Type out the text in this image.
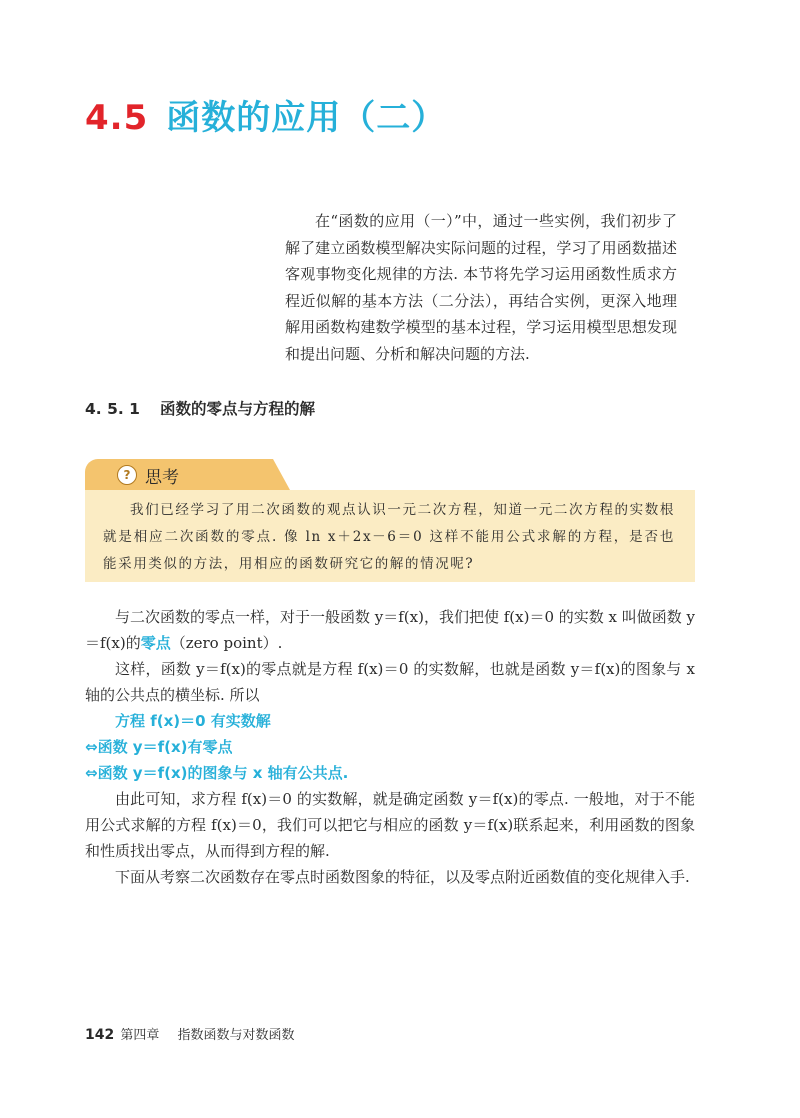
4.5 函数的应用（二）

在“函数的应用（一）”中，通过一些实例，我们初步了解了建立函数模型解决实际问题的过程，学习了用函数描述客观事物变化规律的方法. 本节将先学习运用函数性质求方程近似解的基本方法（二分法），再结合实例，更深入地理解用函数构建数学模型的基本过程，学习运用模型思想发现和提出问题、分析和解决问题的方法.

4. 5. 1 函数的零点与方程的解
? 思考

我们已经学习了用二次函数的观点认识一元二次方程，知道一元二次方程的实数根就是相应二次函数的零点. 像 ln x＋2x－6＝0 这样不能用公式求解的方程，是否也能采用类似的方法，用相应的函数研究它的解的情况呢?

与二次函数的零点一样，对于一般函数 y＝f(x)，我们把使 f(x)＝0 的实数 x 叫做函数 y＝f(x)的零点（zero point）.

这样，函数 y＝f(x)的零点就是方程 f(x)＝0 的实数解，也就是函数 y＝f(x)的图象与 x 轴的公共点的横坐标. 所以

方程 f(x)＝0 有实数解
⇔函数 y＝f(x)有零点
⇔函数 y＝f(x)的图象与 x 轴有公共点.

由此可知，求方程 f(x)＝0 的实数解，就是确定函数 y＝f(x)的零点. 一般地，对于不能用公式求解的方程 f(x)＝0，我们可以把它与相应的函数 y＝f(x)联系起来，利用函数的图象和性质找出零点，从而得到方程的解.

下面从考察二次函数存在零点时函数图象的特征，以及零点附近函数值的变化规律入手.

142 第四章 指数函数与对数函数
